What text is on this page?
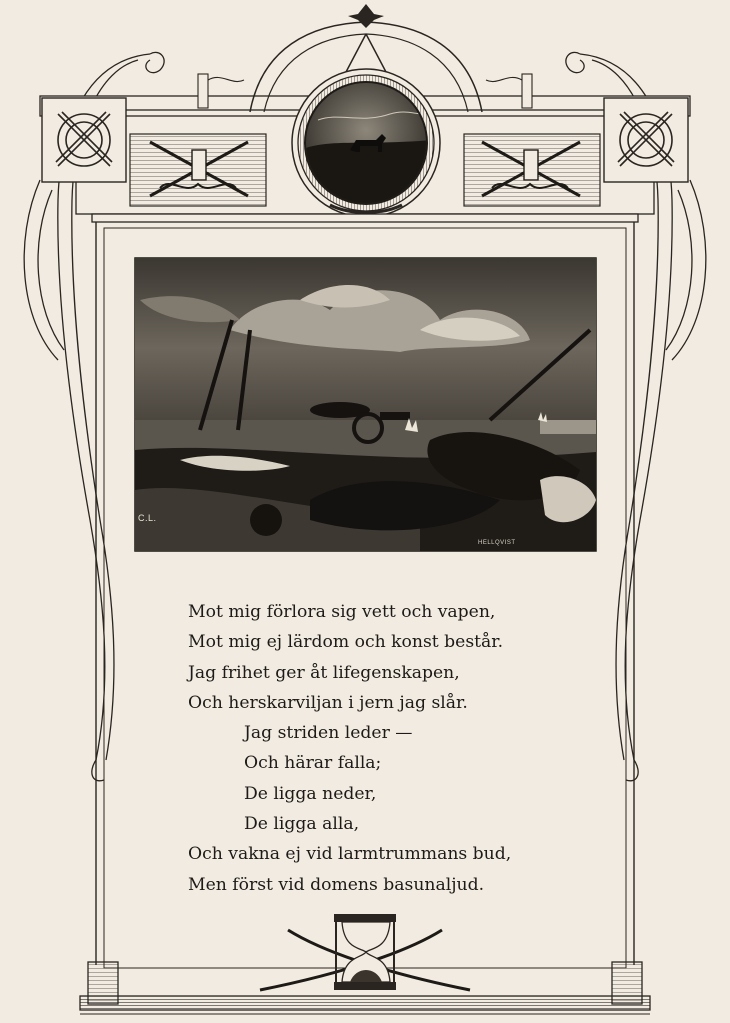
C.L.
HELLQVIST
Mot mig förlora sig vett och vapen,
Mot mig ej lärdom och konst består.
Jag frihet ger åt lifegenskapen,
Och herskarviljan i jern jag slår.
Jag striden leder —
Och härar falla;
De ligga neder,
De ligga alla,
Och vakna ej vid larmtrummans bud,
Men först vid domens basunaljud.
